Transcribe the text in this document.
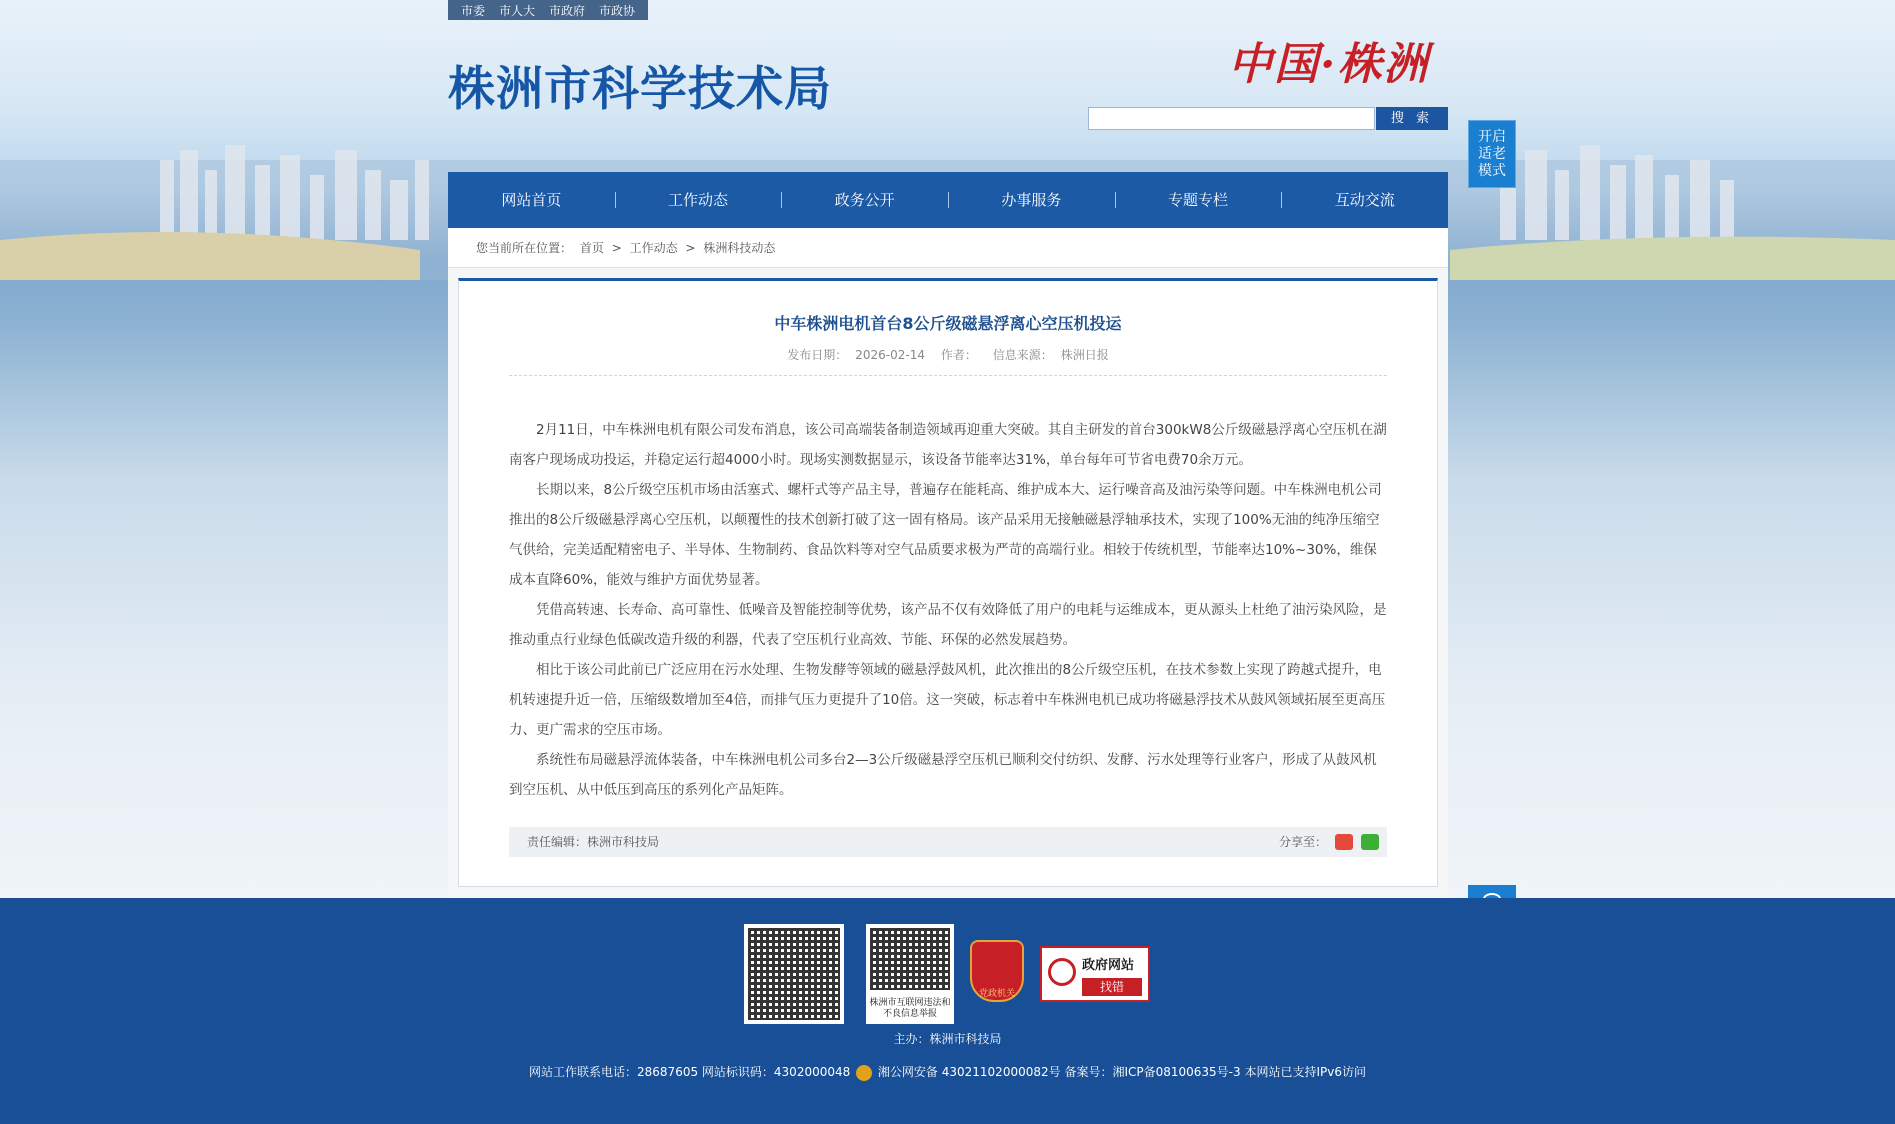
市委 市人大 市政府 市政协
株洲市科学技术局	中国·株洲
搜 索
开启
适老
模式
网站首页	工作动态	政务公开	办事服务	专题专栏	互动交流
您当前所在位置： 首页 > 工作动态 > 株洲科技动态
中车株洲电机首台8公斤级磁悬浮离心空压机投运
发布日期： 2026-02-14 作者： 信息来源： 株洲日报

2月11日，中车株洲电机有限公司发布消息，该公司高端装备制造领域再迎重大突破。其自主研发的首台300kW8公斤级磁悬浮离心空压机在湖南客户现场成功投运，并稳定运行超4000小时。现场实测数据显示，该设备节能率达31%，单台每年可节省电费70余万元。

长期以来，8公斤级空压机市场由活塞式、螺杆式等产品主导，普遍存在能耗高、维护成本大、运行噪音高及油污染等问题。中车株洲电机公司推出的8公斤级磁悬浮离心空压机，以颠覆性的技术创新打破了这一固有格局。该产品采用无接触磁悬浮轴承技术，实现了100%无油的纯净压缩空气供给，完美适配精密电子、半导体、生物制药、食品饮料等对空气品质要求极为严苛的高端行业。相较于传统机型，节能率达10%~30%，维保成本直降60%，能效与维护方面优势显著。

凭借高转速、长寿命、高可靠性、低噪音及智能控制等优势，该产品不仅有效降低了用户的电耗与运维成本，更从源头上杜绝了油污染风险，是推动重点行业绿色低碳改造升级的利器，代表了空压机行业高效、节能、环保的必然发展趋势。

相比于该公司此前已广泛应用在污水处理、生物发酵等领域的磁悬浮鼓风机，此次推出的8公斤级空压机，在技术参数上实现了跨越式提升，电机转速提升近一倍，压缩级数增加至4倍，而排气压力更提升了10倍。这一突破，标志着中车株洲电机已成功将磁悬浮技术从鼓风领域拓展至更高压力、更广需求的空压市场。

系统性布局磁悬浮流体装备，中车株洲电机公司多台2—3公斤级磁悬浮空压机已顺利交付纺织、发酵、污水处理等行业客户，形成了从鼓风机到空压机、从中低压到高压的系列化产品矩阵。

责任编辑：株洲市科技局	分享至：
株洲市互联网违法和不良信息举报
党政机关
政府网站
找错
主办：株洲市科技局
网站工作联系电话：28687605 网站标识码：4302000048 湘公网安备 43021102000082号 备案号：湘ICP备08100635号-3 本网站已支持IPv6访问
